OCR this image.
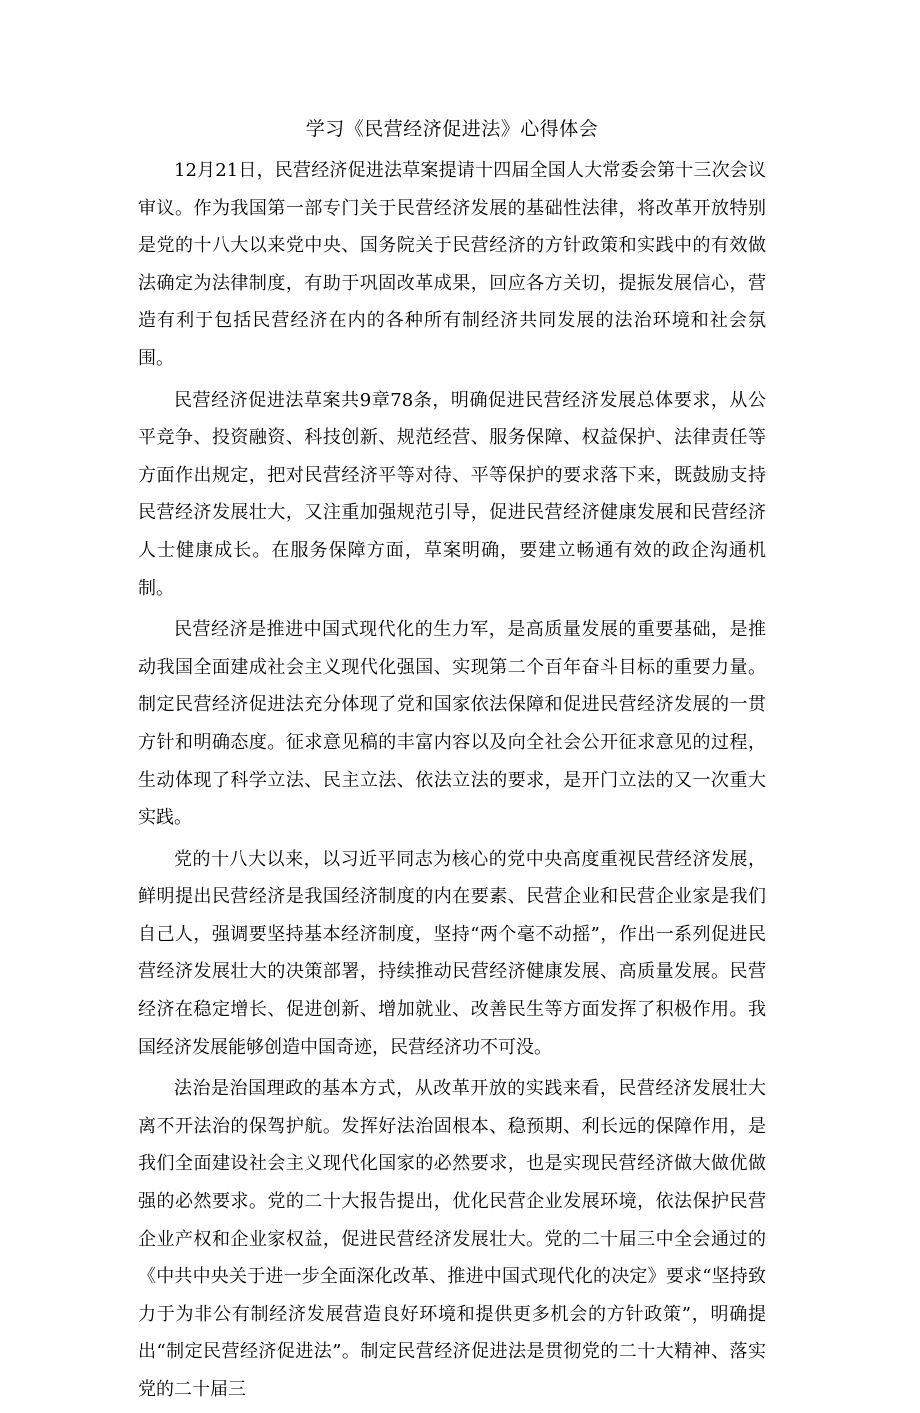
学习《民营经济促进法》心得体会

12月21日，民营经济促进法草案提请十四届全国人大常委会第十三次会议审议。作为我国第一部专门关于民营经济发展的基础性法律，将改革开放特别是党的十八大以来党中央、国务院关于民营经济的方针政策和实践中的有效做法确定为法律制度，有助于巩固改革成果，回应各方关切，提振发展信心，营造有利于包括民营经济在内的各种所有制经济共同发展的法治环境和社会氛围。

民营经济促进法草案共9章78条，明确促进民营经济发展总体要求，从公平竞争、投资融资、科技创新、规范经营、服务保障、权益保护、法律责任等方面作出规定，把对民营经济平等对待、平等保护的要求落下来，既鼓励支持民营经济发展壮大，又注重加强规范引导，促进民营经济健康发展和民营经济人士健康成长。在服务保障方面，草案明确，要建立畅通有效的政企沟通机制。

民营经济是推进中国式现代化的生力军，是高质量发展的重要基础，是推动我国全面建成社会主义现代化强国、实现第二个百年奋斗目标的重要力量。制定民营经济促进法充分体现了党和国家依法保障和促进民营经济发展的一贯方针和明确态度。征求意见稿的丰富内容以及向全社会公开征求意见的过程，生动体现了科学立法、民主立法、依法立法的要求，是开门立法的又一次重大实践。

党的十八大以来，以习近平同志为核心的党中央高度重视民营经济发展，鲜明提出民营经济是我国经济制度的内在要素、民营企业和民营企业家是我们自己人，强调要坚持基本经济制度，坚持“两个毫不动摇”，作出一系列促进民营经济发展壮大的决策部署，持续推动民营经济健康发展、高质量发展。民营经济在稳定增长、促进创新、增加就业、改善民生等方面发挥了积极作用。我国经济发展能够创造中国奇迹，民营经济功不可没。

法治是治国理政的基本方式，从改革开放的实践来看，民营经济发展壮大离不开法治的保驾护航。发挥好法治固根本、稳预期、利长远的保障作用，是我们全面建设社会主义现代化国家的必然要求，也是实现民营经济做大做优做强的必然要求。党的二十大报告提出，优化民营企业发展环境，依法保护民营企业产权和企业家权益，促进民营经济发展壮大。党的二十届三中全会通过的《中共中央关于进一步全面深化改革、推进中国式现代化的决定》要求“坚持致力于为非公有制经济发展营造良好环境和提供更多机会的方针政策”，明确提出“制定民营经济促进法”。制定民营经济促进法是贯彻党的二十大精神、落实党的二十届三
